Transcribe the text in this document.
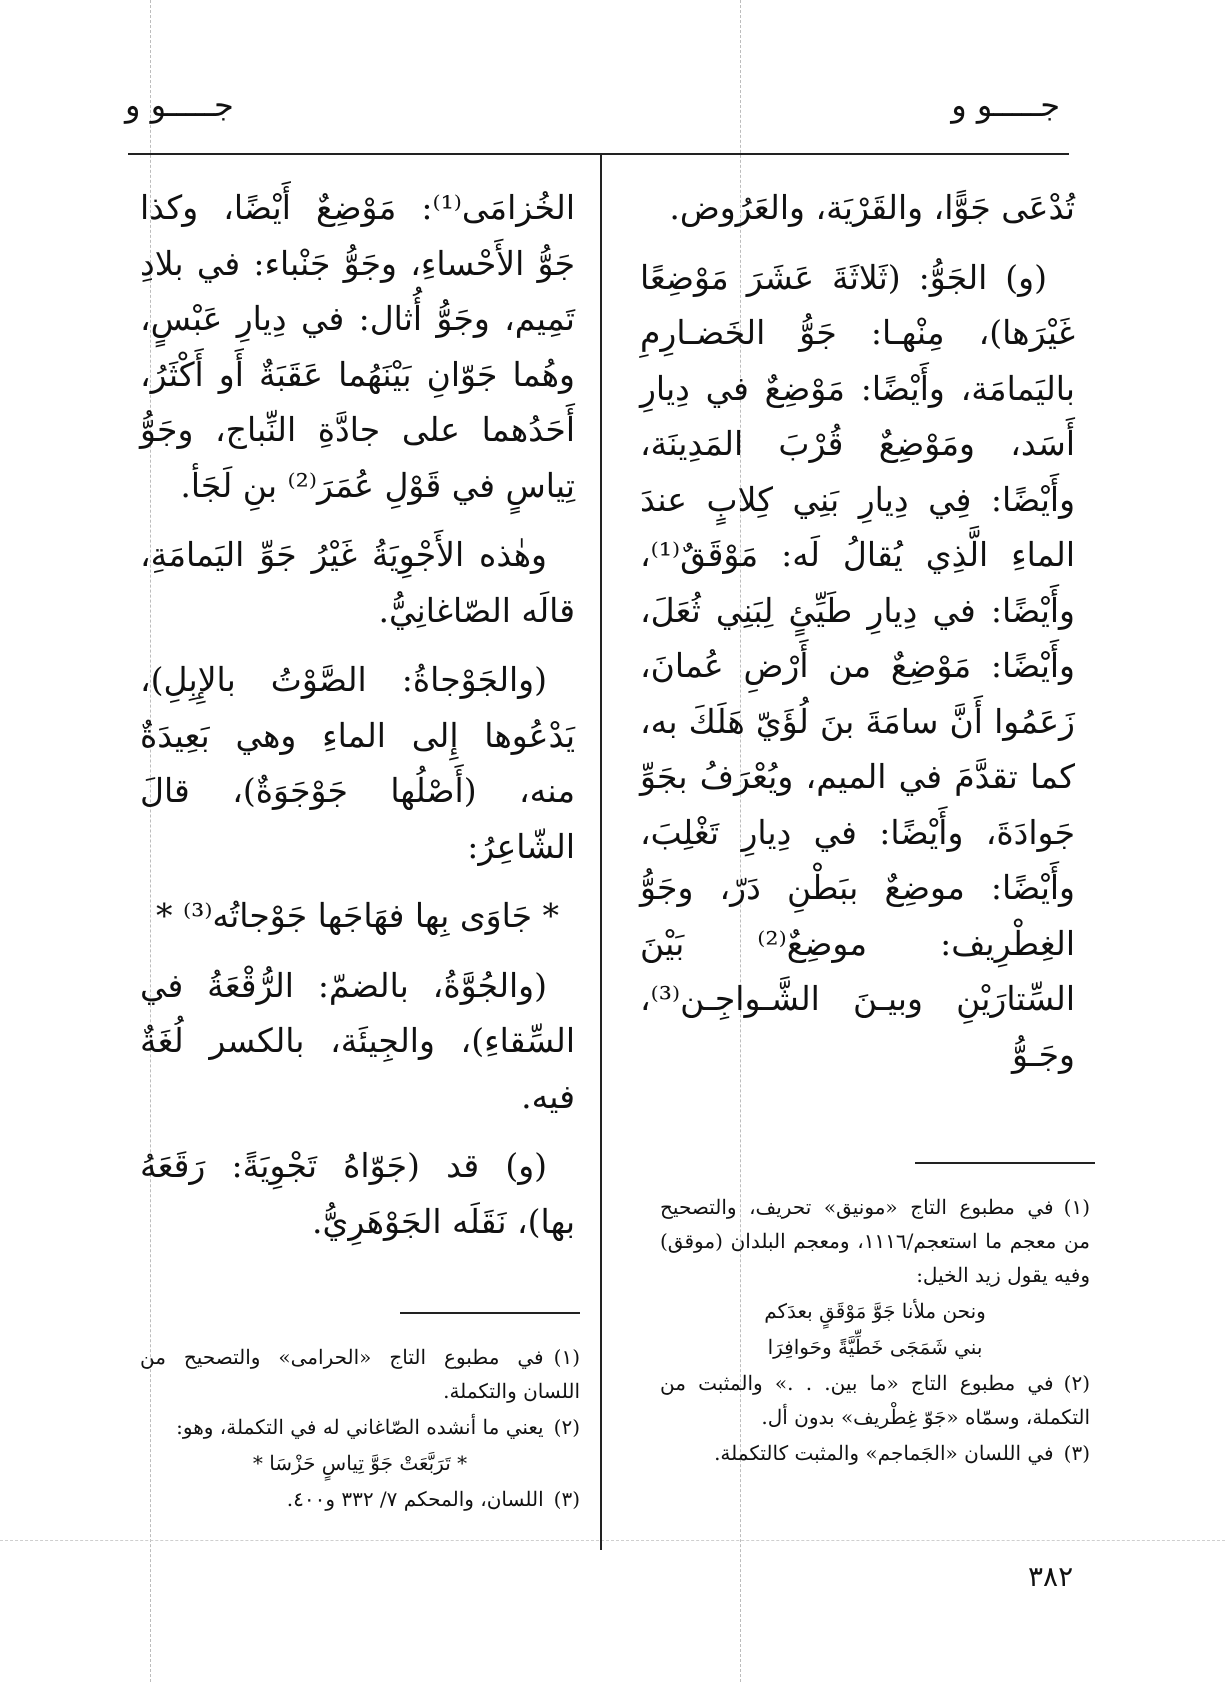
جـــــو و
جـــــو و

تُدْعَى جَوًّا، والقَرْيَة، والعَرُوض.

(و) الجَوُّ: (ثَلاثَةَ عَشَرَ مَوْضِعًا غَيْرَها)، مِنْهـا: جَوُّ الخَضـارِمِ باليَمامَة، وأَيْضًا: مَوْضِعٌ في دِيارِ أَسَد، ومَوْضِعٌ قُرْبَ المَدِينَة، وأَيْضًا: فِي دِيارِ بَنِي كِلابٍ عندَ الماءِ الَّذِي يُقالُ لَه: مَوْقَقٌ⁽¹⁾، وأَيْضًا: في دِيارِ طَيِّئٍ لِبَنِي ثُعَلَ، وأَيْضًا: مَوْضِعٌ من أَرْضِ عُمانَ، زَعَمُوا أَنَّ سامَةَ بنَ لُؤَيّ هَلَكَ به، كما تقدَّمَ في الميم، ويُعْرَفُ بجَوِّ جَوادَةَ، وأَيْضًا: في دِيارِ تَغْلِبَ، وأَيْضًا: موضِعٌ ببَطْنِ دَرّ، وجَوُّ الغِطْرِيف: موضِعٌ⁽²⁾ بَيْنَ السِّتارَيْنِ وبيـنَ الشَّـواجِـن⁽³⁾، وجَـوُّ

(١)في مطبوع التاج «مونيق» تحريف، والتصحيح من معجم ما استعجم/١١١٦، ومعجم البلدان (موقق) وفيه يقول زيد الخيل:
ونحن ملأنا جَوَّ مَوْقَقٍ بعدَكم
بني شَمَجَى خَطِّيَّةً وحَوافِرَا
(٢)في مطبوع التاج «ما بين. . .» والمثبت من التكملة، وسمّاه «جَوّ غِطْريف» بدون أل.
(٣)في اللسان «الجَماجم» والمثبت كالتكملة.

الخُزامَى⁽¹⁾: مَوْضِعٌ أَيْضًا، وكذا جَوُّ الأَحْساءِ، وجَوُّ جَنْباء: في بلادِ تَمِيم، وجَوُّ أُثال: في دِيارِ عَبْسٍ، وهُما جَوّانِ بَيْنَهُما عَقَبَةٌ أَو أَكْثَرُ، أَحَدُهما على جادَّةِ النِّباج، وجَوُّ تِياسٍ في قَوْلِ عُمَرَ⁽²⁾ بنِ لَجَأ.

وهٰذه الأَجْوِيَةُ غَيْرُ جَوِّ اليَمامَةِ، قالَه الصّاغانِيُّ.

(والجَوْجاةُ: الصَّوْتُ بالإِبِلِ)، يَدْعُوها إِلى الماءِ وهي بَعِيدَةٌ منه، (أَصْلُها جَوْجَوَةٌ)، قالَ الشّاعِرُ:

* جَاوَى بِها فهَاجَها جَوْجاتُه⁽³⁾ *

(والجُوَّةُ، بالضمّ: الرُّقْعَةُ في السِّقاءِ)، والجِيئَة، بالكسر لُغَةٌ فيه.

(و) قد (جَوّاهُ تَجْوِيَةً: رَقَعَهُ بها)، نَقَلَه الجَوْهَرِيُّ.

(١)في مطبوع التاج «الحرامى» والتصحيح من اللسان والتكملة.
(٢)يعني ما أنشده الصّاغاني له في التكملة، وهو:
* تَرَبَّعَتْ جَوَّ تِياسٍ حَزْسَا *
(٣)اللسان، والمحكم ٧/ ٣٣٢ و٤٠٠.
٣٨٢
